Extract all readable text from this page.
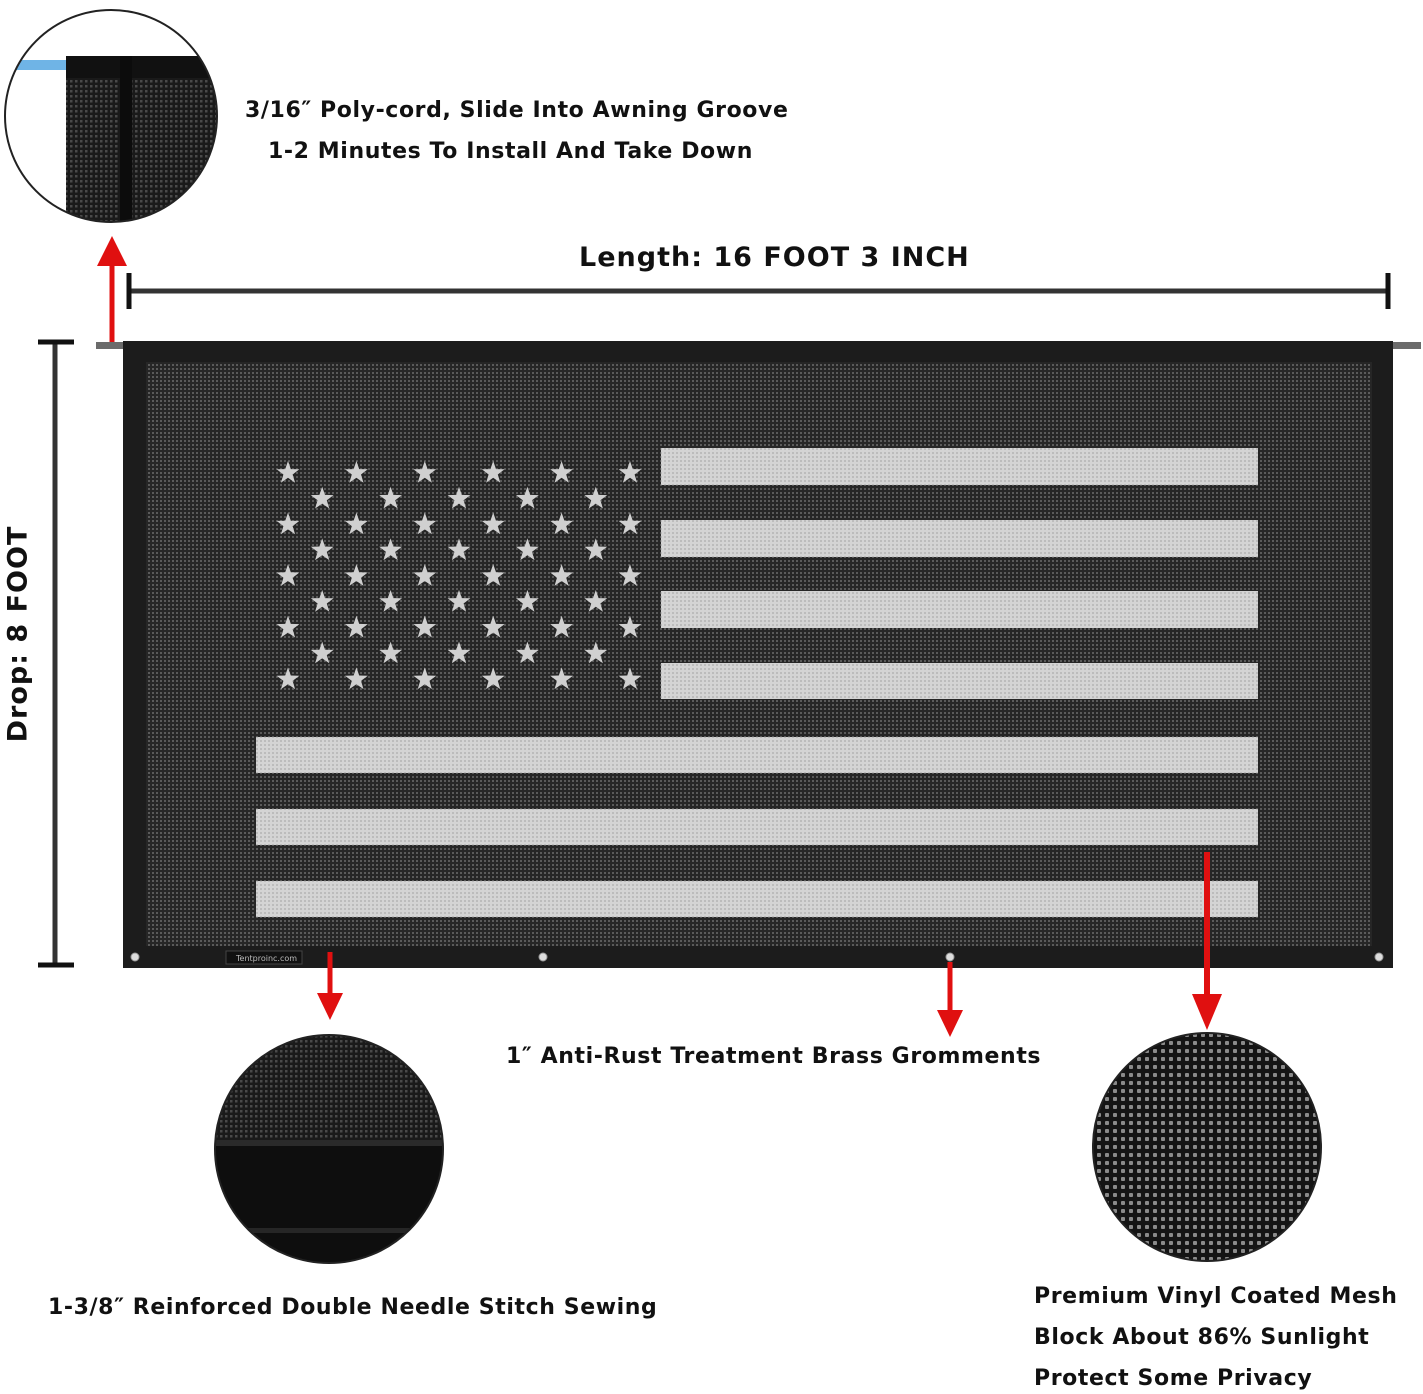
Tentproinc.com
3/16″ Poly-cord, Slide Into Awning Groove
1-2 Minutes To Install And Take Down
Length: 16 FOOT 3 INCH
Drop: 8 FOOT
1″ Anti-Rust Treatment Brass Gromments
1-3/8″ Reinforced Double Needle Stitch Sewing	Premium Vinyl Coated Mesh
Block About 86% Sunlight
Protect Some Privacy
